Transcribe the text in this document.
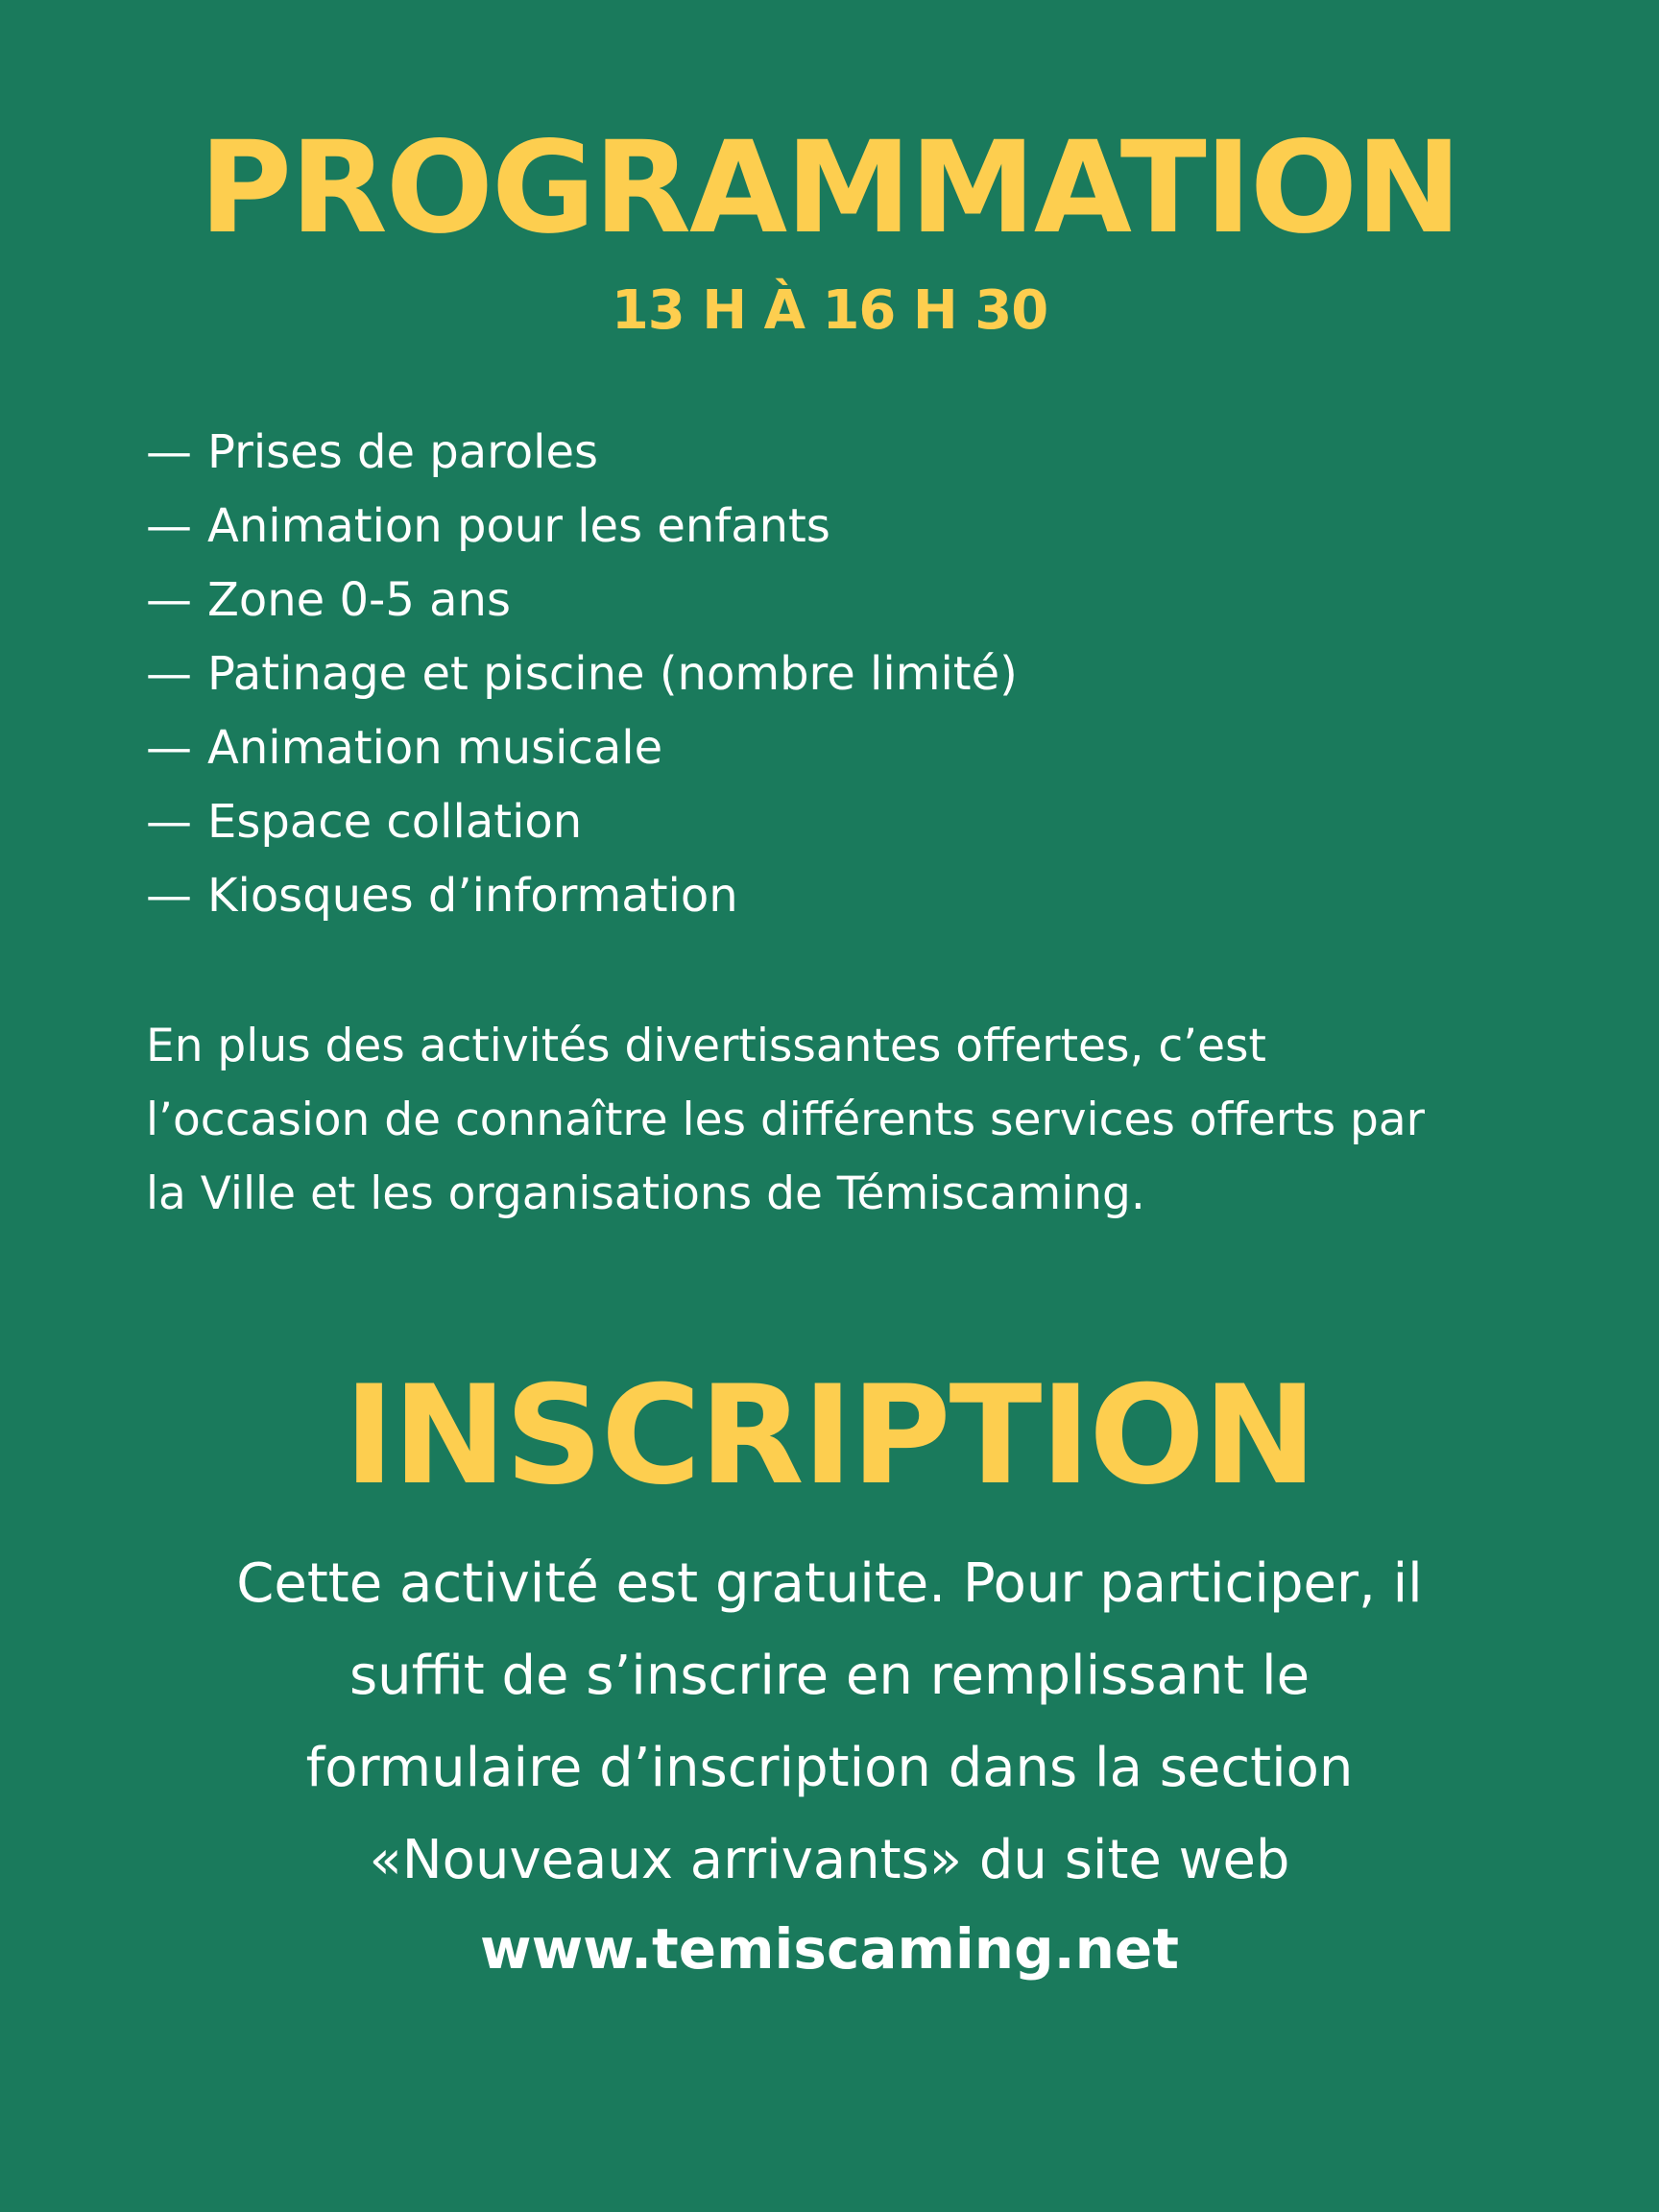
PROGRAMMATION
13 H À 16 H 30
— Prises de paroles
— Animation pour les enfants
— Zone 0-5 ans
— Patinage et piscine (nombre limité)
— Animation musicale
— Espace collation
— Kiosques d’information

En plus des activités divertissantes offertes, c’est
l’occasion de connaître les différents services offerts par
la Ville et les organisations de Témiscaming.

INSCRIPTION

Cette activité est gratuite. Pour participer, il
suffit de s’inscrire en remplissant le
formulaire d’inscription dans la section
«Nouveaux arrivants» du site web

www.temiscaming.net
